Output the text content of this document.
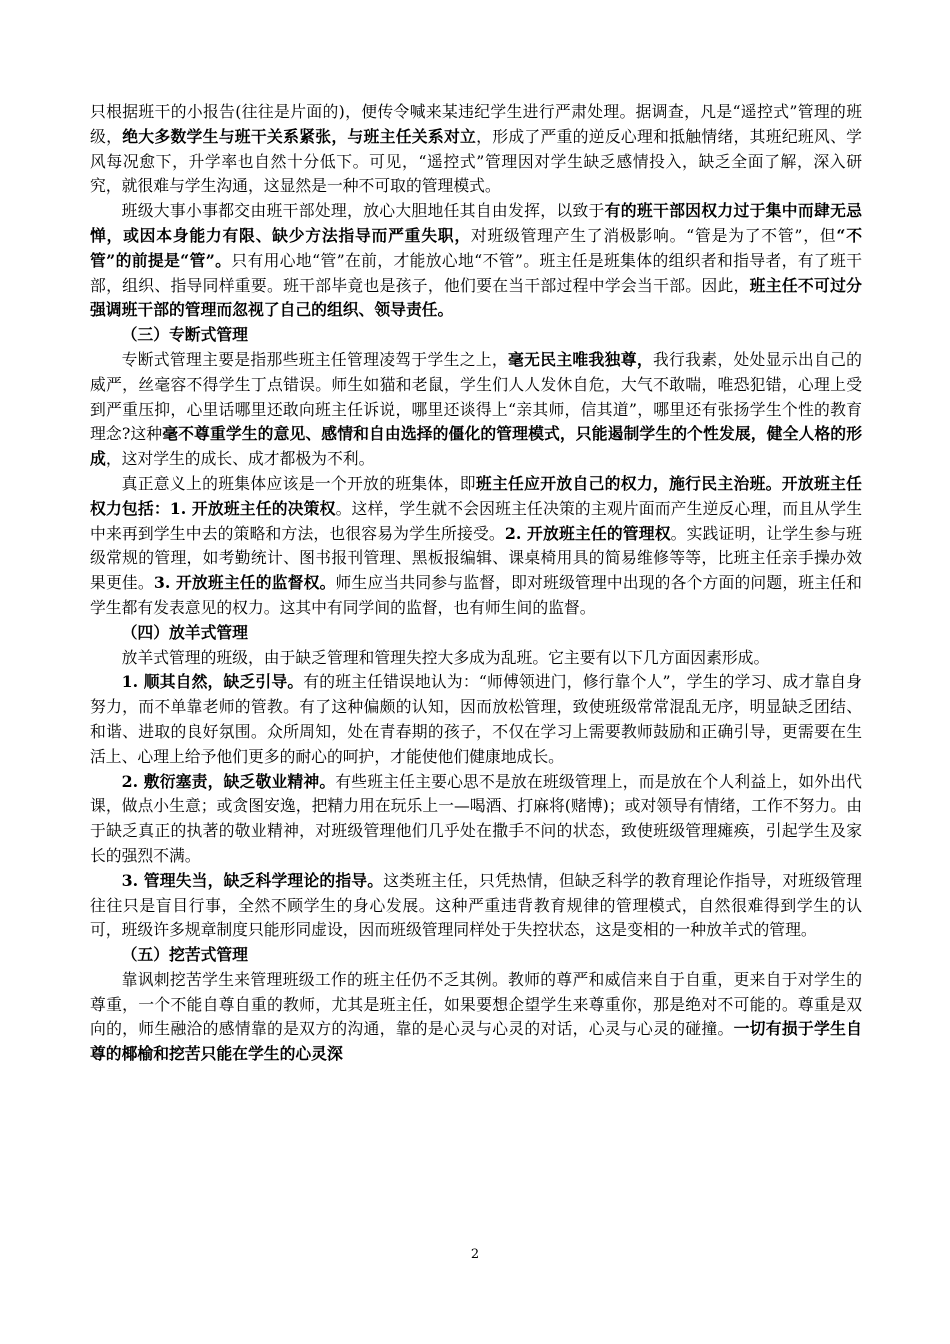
只根据班干的小报告(往往是片面的)，便传令喊来某违纪学生进行严肃处理。据调查，凡是“遥控式”管理的班级，绝大多数学生与班干关系紧张，与班主任关系对立，形成了严重的逆反心理和抵触情绪，其班纪班风、学风每况愈下，升学率也自然十分低下。可见，“遥控式”管理因对学生缺乏感情投入，缺乏全面了解，深入研究，就很难与学生沟通，这显然是一种不可取的管理模式。

班级大事小事都交由班干部处理，放心大胆地任其自由发挥，以致于有的班干部因权力过于集中而肆无忌惮，或因本身能力有限、缺少方法指导而严重失职，对班级管理产生了消极影响。“管是为了不管”，但“不管”的前提是“管”。只有用心地“管”在前，才能放心地“不管”。班主任是班集体的组织者和指导者，有了班干部，组织、指导同样重要。班干部毕竟也是孩子，他们要在当干部过程中学会当干部。因此，班主任不可过分强调班干部的管理而忽视了自己的组织、领导责任。

（三）专断式管理

专断式管理主要是指那些班主任管理凌驾于学生之上，毫无民主唯我独尊，我行我素，处处显示出自己的威严，丝毫容不得学生丁点错误。师生如猫和老鼠，学生们人人发休自危，大气不敢喘，唯恐犯错，心理上受到严重压抑，心里话哪里还敢向班主任诉说，哪里还谈得上“亲其师，信其道”，哪里还有张扬学生个性的教育理念?这种毫不尊重学生的意见、感情和自由选择的僵化的管理模式，只能遏制学生的个性发展，健全人格的形成，这对学生的成长、成才都极为不利。

真正意义上的班集体应该是一个开放的班集体，即班主任应开放自己的权力，施行民主治班。开放班主任权力包括：1. 开放班主任的决策权。这样，学生就不会因班主任决策的主观片面而产生逆反心理，而且从学生中来再到学生中去的策略和方法，也很容易为学生所接受。2. 开放班主任的管理权。实践证明，让学生参与班级常规的管理，如考勤统计、图书报刊管理、黑板报编辑、课桌椅用具的简易维修等等，比班主任亲手操办效果更佳。3. 开放班主任的监督权。师生应当共同参与监督，即对班级管理中出现的各个方面的问题，班主任和学生都有发表意见的权力。这其中有同学间的监督，也有师生间的监督。

（四）放羊式管理

放羊式管理的班级，由于缺乏管理和管理失控大多成为乱班。它主要有以下几方面因素形成。

1. 顺其自然，缺乏引导。有的班主任错误地认为：“师傅领进门，修行靠个人”，学生的学习、成才靠自身努力，而不单靠老师的管教。有了这种偏颇的认知，因而放松管理，致使班级常常混乱无序，明显缺乏团结、和谐、进取的良好氛围。众所周知，处在青春期的孩子，不仅在学习上需要教师鼓励和正确引导，更需要在生活上、心理上给予他们更多的耐心的呵护，才能使他们健康地成长。

2. 敷衍塞责，缺乏敬业精神。有些班主任主要心思不是放在班级管理上，而是放在个人利益上，如外出代课，做点小生意；或贪图安逸，把精力用在玩乐上一—喝酒、打麻将(赌博)；或对领导有情绪，工作不努力。由于缺乏真正的执著的敬业精神，对班级管理他们几乎处在撒手不问的状态，致使班级管理瘫痪，引起学生及家长的强烈不满。

3. 管理失当，缺乏科学理论的指导。这类班主任，只凭热情，但缺乏科学的教育理论作指导，对班级管理往往只是盲目行事，全然不顾学生的身心发展。这种严重违背教育规律的管理模式，自然很难得到学生的认可，班级许多规章制度只能形同虚设，因而班级管理同样处于失控状态，这是变相的一种放羊式的管理。

（五）挖苦式管理

靠讽刺挖苦学生来管理班级工作的班主任仍不乏其例。教师的尊严和威信来自于自重，更来自于对学生的尊重，一个不能自尊自重的教师，尤其是班主任，如果要想企望学生来尊重你，那是绝对不可能的。尊重是双向的，师生融洽的感情靠的是双方的沟通，靠的是心灵与心灵的对话，心灵与心灵的碰撞。一切有损于学生自尊的椰榆和挖苦只能在学生的心灵深

2
